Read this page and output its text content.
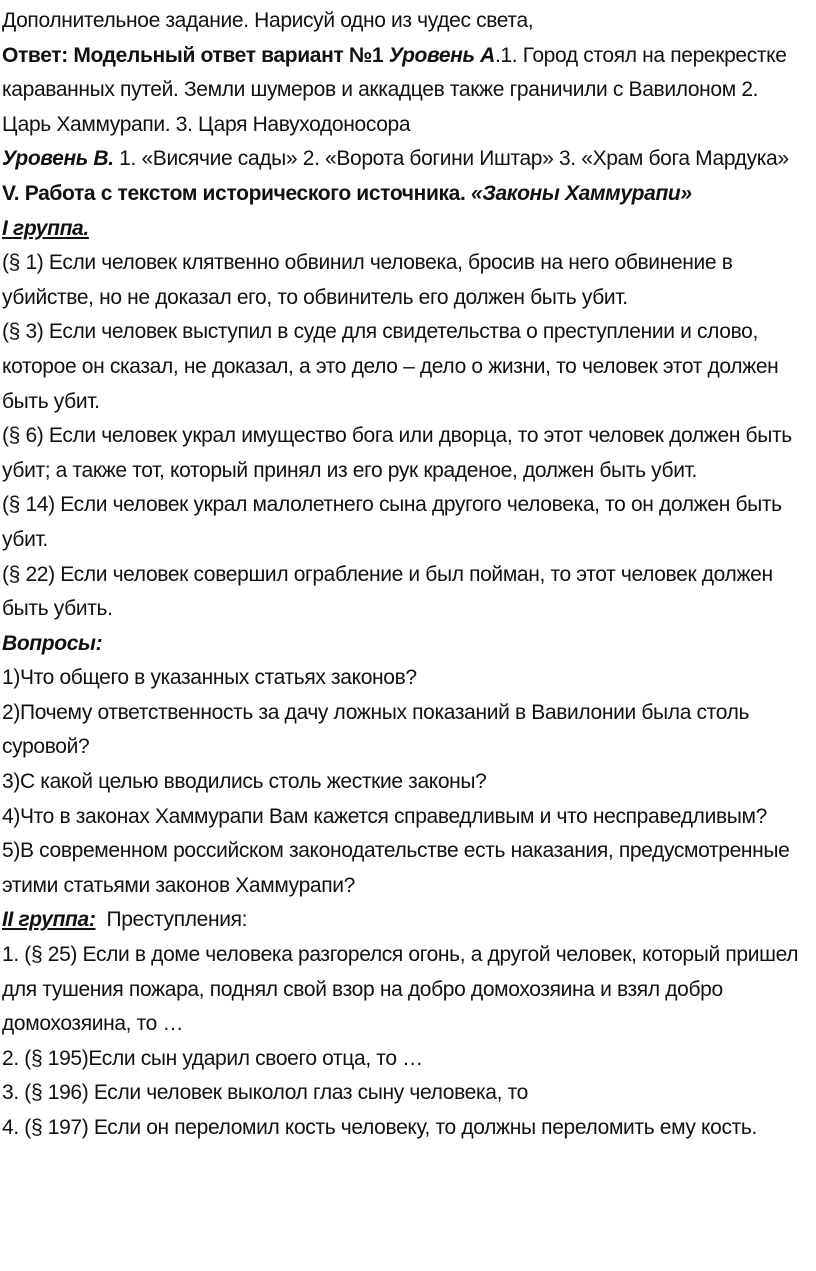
Дополнительное задание. Нарисуй одно из чудес света,
Ответ: Модельный ответ вариант №1 Уровень А.1. Город стоял на перекрестке караванных путей. Земли шумеров и аккадцев также граничили с Вавилоном 2. Царь Хаммурапи. 3. Царя Навуходоносора
Уровень В. 1. «Висячие сады» 2. «Ворота богини Иштар» 3. «Храм бога Мардука»
V. Работа с текстом исторического источника. «Законы Хаммурапи»
I группа.
(§ 1) Если человек клятвенно обвинил человека, бросив на него обвинение в убийстве, но не доказал его, то обвинитель его должен быть убит.
(§ 3) Если человек выступил в суде для свидетельства о преступлении и слово, которое он сказал, не доказал, а это дело – дело о жизни, то человек этот должен быть убит.
(§ 6) Если человек украл имущество бога или дворца, то этот человек должен быть убит; а также тот, который принял из его рук краденое, должен быть убит.
(§ 14) Если человек украл малолетнего сына другого человека, то он должен быть убит.
(§ 22) Если человек совершил ограбление и был пойман, то этот человек должен быть убить.
Вопросы:
1)Что общего в указанных статьях законов?
2)Почему ответственность за дачу ложных показаний в Вавилонии была столь суровой?
3)С какой целью вводились столь жесткие законы?
4)Что в законах Хаммурапи Вам кажется справедливым и что несправедливым?
5)В современном российском законодательстве есть наказания, предусмотренные этими статьями законов Хаммурапи?
II группа:  Преступления:
1. (§ 25) Если в доме человека разгорелся огонь, а другой человек, который пришел для тушения пожара, поднял свой взор на добро домохозяина и взял добро домохозяина, то …
2. (§ 195)Если сын ударил своего отца, то …
3. (§ 196) Если человек выколол глаз сыну человека, то
4. (§ 197) Если он переломил кость человеку, то должны переломить ему кость.
